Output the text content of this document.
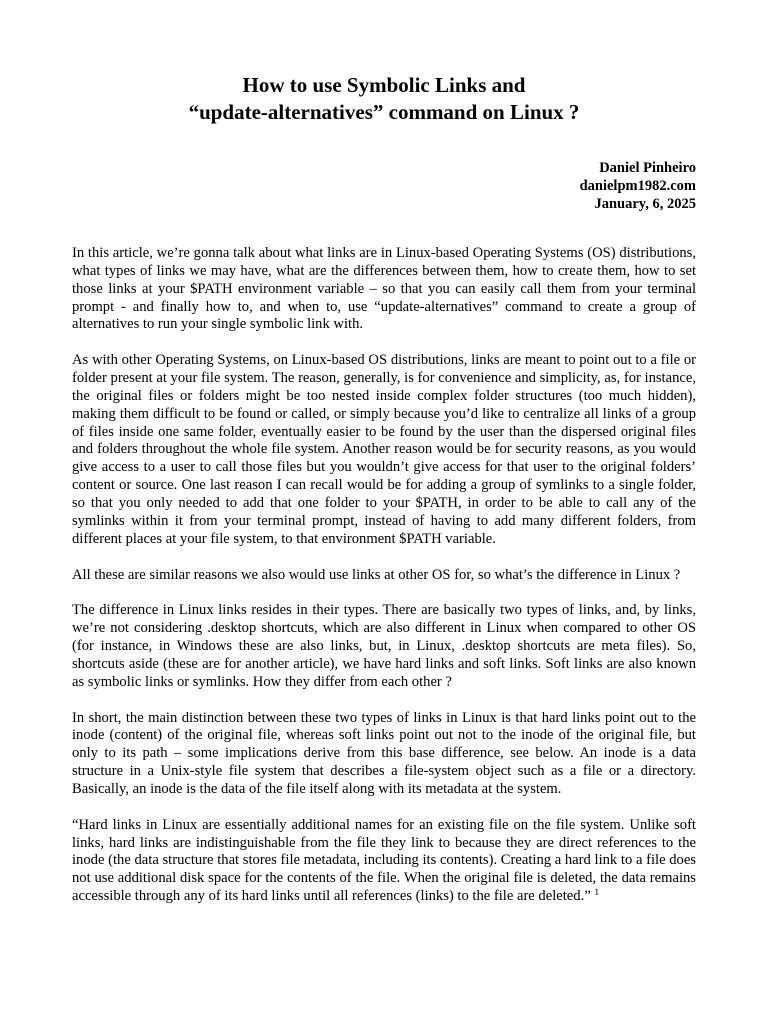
How to use Symbolic Links and
“update-alternatives” command on Linux ?
Daniel Pinheiro
danielpm1982.com
January, 6, 2025

In this article, we’re gonna talk about what links are in Linux-based Operating Systems (OS) distributions, what types of links we may have, what are the differences between them, how to create them, how to set those links at your $PATH environment variable – so that you can easily call them from your terminal prompt - and finally how to, and when to, use “update-alternatives” command to create a group of alternatives to run your single symbolic link with.

As with other Operating Systems, on Linux-based OS distributions, links are meant to point out to a file or folder present at your file system. The reason, generally, is for convenience and simplicity, as, for instance, the original files or folders might be too nested inside complex folder structures (too much hidden), making them difficult to be found or called, or simply because you’d like to centralize all links of a group of files inside one same folder, eventually easier to be found by the user than the dispersed original files and folders throughout the whole file system. Another reason would be for security reasons, as you would give access to a user to call those files but you wouldn’t give access for that user to the original folders’ content or source. One last reason I can recall would be for adding a group of symlinks to a single folder, so that you only needed to add that one folder to your $PATH, in order to be able to call any of the symlinks within it from your terminal prompt, instead of having to add many different folders, from different places at your file system, to that environment $PATH variable.

All these are similar reasons we also would use links at other OS for, so what’s the difference in Linux ?

The difference in Linux links resides in their types. There are basically two types of links, and, by links, we’re not considering .desktop shortcuts, which are also different in Linux when compared to other OS (for instance, in Windows these are also links, but, in Linux, .desktop shortcuts are meta files). So, shortcuts aside (these are for another article), we have hard links and soft links. Soft links are also known as symbolic links or symlinks. How they differ from each other ?

In short, the main distinction between these two types of links in Linux is that hard links point out to the inode (content) of the original file, whereas soft links point out not to the inode of the original file, but only to its path – some implications derive from this base difference, see below. An inode is a data structure in a Unix-style file system that describes a file-system object such as a file or a directory. Basically, an inode is the data of the file itself along with its metadata at the system.

“Hard links in Linux are essentially additional names for an existing file on the file system. Unlike soft links, hard links are indistinguishable from the file they link to because they are direct references to the inode (the data structure that stores file metadata, including its contents). Creating a hard link to a file does not use additional disk space for the contents of the file. When the original file is deleted, the data remains accessible through any of its hard links until all references (links) to the file are deleted.” $^1$
